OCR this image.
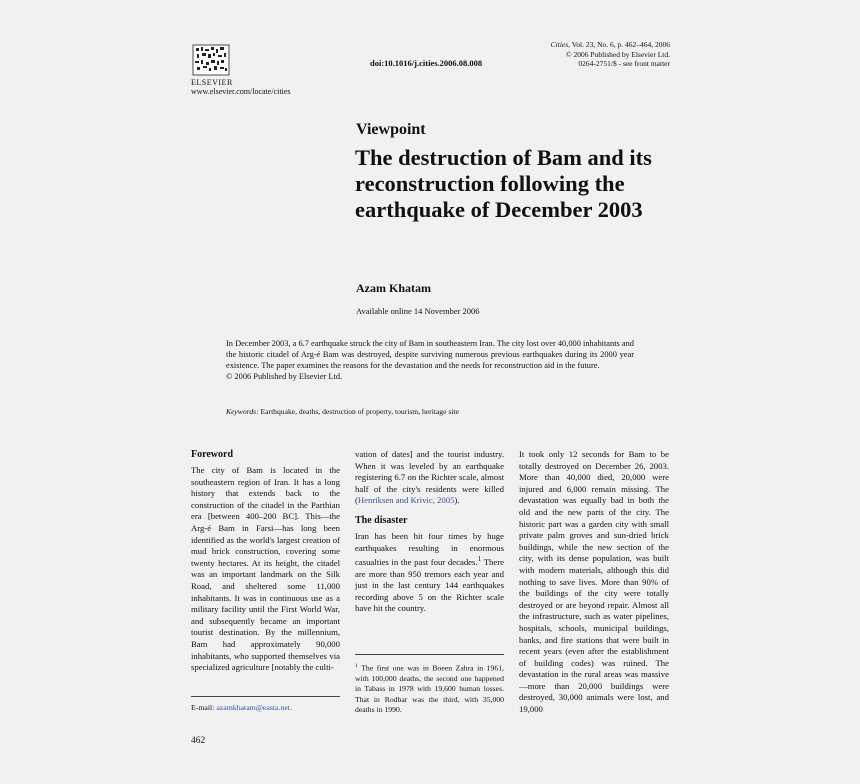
ELSEVIER
www.elsevier.com/locate/cities
doi:10.1016/j.cities.2006.08.008
Cities, Vol. 23, No. 6, p. 462–464, 2006
© 2006 Published by Elsevier Ltd.
0264-2751/$ - see front matter
Viewpoint
The destruction of Bam and its reconstruction following the earthquake of December 2003
Azam Khatam
Available online 14 November 2006
In December 2003, a 6.7 earthquake struck the city of Bam in southeastern Iran. The city lost over 40,000 inhabitants and the historic citadel of Arg-é Bam was destroyed, despite surviving numerous previous earthquakes during its 2000 year existence. The paper examines the reasons for the devastation and the needs for reconstruction aid in the future.
© 2006 Published by Elsevier Ltd.
Keywords: Earthquake, deaths, destruction of property, tourism, heritage site
Foreword

The city of Bam is located in the southeastern region of Iran. It has a long history that extends back to the construction of the citadel in the Parthian era [between 400–200 BC]. This—the Arg-é Bam in Farsi—has long been identified as the world's largest creation of mud brick construction, covering some twenty hectares. At its height, the citadel was an important landmark on the Silk Road, and sheltered some 11,000 inhabitants. It was in continuous use as a military facility until the First World War, and subsequently became an important tourist destination. By the millennium, Bam had approximately 90,000 inhabitants, who supported themselves via specialized agriculture [notably the culti-

vation of dates] and the tourist industry. When it was leveled by an earthquake registering 6.7 on the Richter scale, almost half of the city's residents were killed (Henriksen and Krivic, 2005).

The disaster

Iran has been hit four times by huge earthquakes resulting in enormous casualties in the past four decades.$^1$ There are more than 950 tremors each year and just in the last century 144 earthquakes recording above 5 on the Richter scale have hit the country.

It took only 12 seconds for Bam to be totally destroyed on December 26, 2003. More than 40,000 died, 20,000 were injured and 6,000 remain missing. The devastation was equally bad in both the old and the new parts of the city. The historic part was a garden city with small private palm groves and sun-dried brick buildings, while the new section of the city, with its dense population, was built with modern materials, although this did nothing to save lives. More than 90% of the buildings of the city were totally destroyed or are beyond repair. Almost all the infrastructure, such as water pipelines, hospitals, schools, municipal buildings, banks, and fire stations that were built in recent years (even after the establishment of building codes) was ruined. The devastation in the rural areas was massive—more than 20,000 buildings were destroyed, 30,000 animals were lost, and 19,000

E-mail: azamkhatam@easta.net.
$^1$ The first one was in Boeen Zahra in 1961, with 100,000 deaths, the second one happened in Tabass in 1978 with 19,600 human losses. That in Rodbar was the third, with 35,000 deaths in 1990.
462
